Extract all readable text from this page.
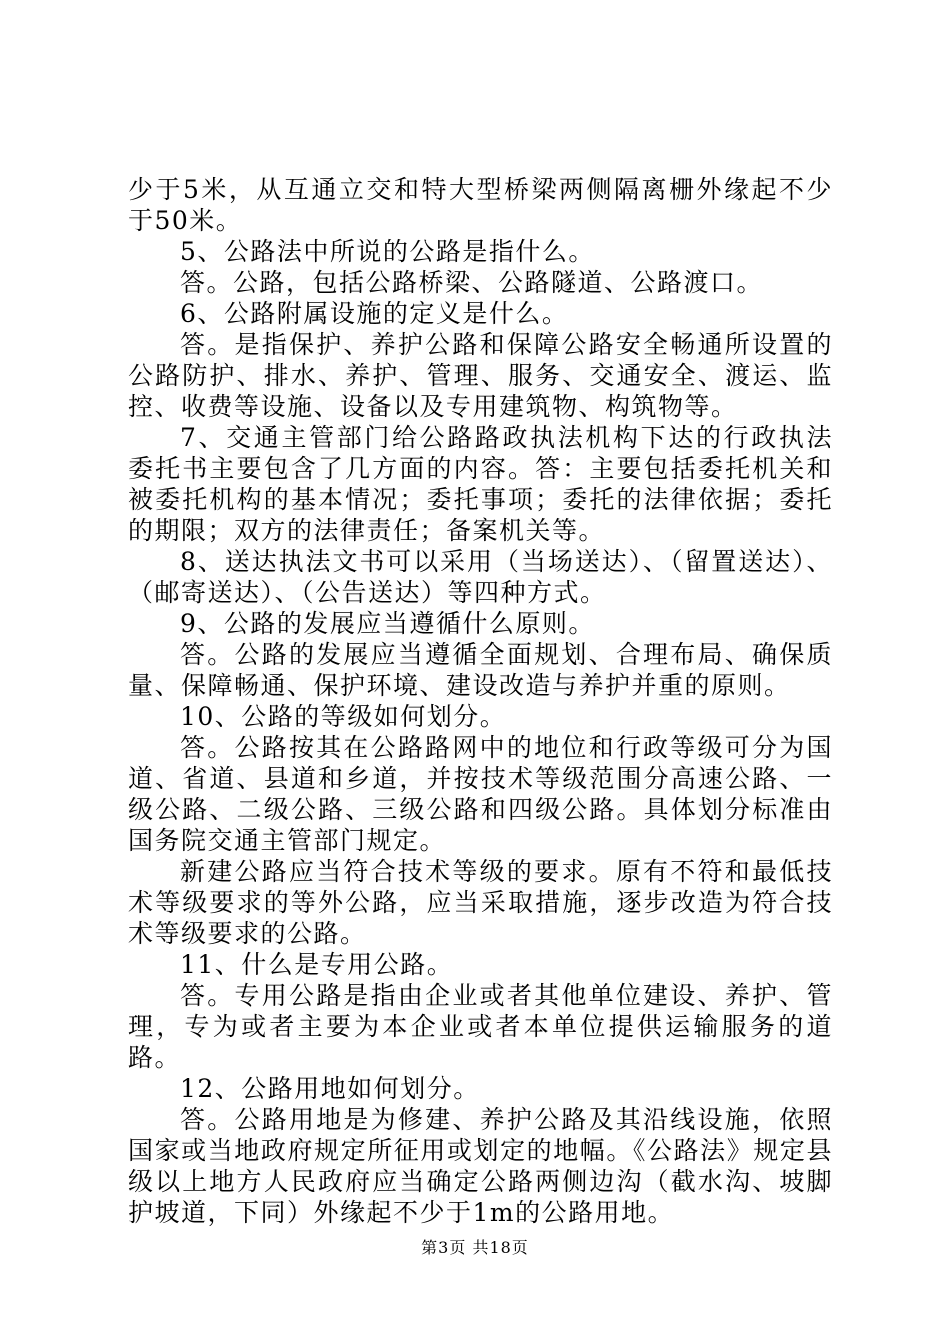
少于5米，从互通立交和特大型桥梁两侧隔离栅外缘起不少于50米。

5、公路法中所说的公路是指什么。

答。公路，包括公路桥梁、公路隧道、公路渡口。

6、公路附属设施的定义是什么。

答。是指保护、养护公路和保障公路安全畅通所设置的公路防护、排水、养护、管理、服务、交通安全、渡运、监控、收费等设施、设备以及专用建筑物、构筑物等。

7、交通主管部门给公路路政执法机构下达的行政执法委托书主要包含了几方面的内容。答：主要包括委托机关和被委托机构的基本情况；委托事项；委托的法律依据；委托的期限；双方的法律责任；备案机关等。

8、送达执法文书可以采用（当场送达）、（留置送达）、（邮寄送达）、（公告送达）等四种方式。

9、公路的发展应当遵循什么原则。

答。公路的发展应当遵循全面规划、合理布局、确保质量、保障畅通、保护环境、建设改造与养护并重的原则。

10、公路的等级如何划分。

答。公路按其在公路路网中的地位和行政等级可分为国道、省道、县道和乡道，并按技术等级范围分高速公路、一级公路、二级公路、三级公路和四级公路。具体划分标准由国务院交通主管部门规定。

新建公路应当符合技术等级的要求。原有不符和最低技术等级要求的等外公路，应当采取措施，逐步改造为符合技术等级要求的公路。

11、什么是专用公路。

答。专用公路是指由企业或者其他单位建设、养护、管理，专为或者主要为本企业或者本单位提供运输服务的道路。

12、公路用地如何划分。

答。公路用地是为修建、养护公路及其沿线设施，依照国家或当地政府规定所征用或划定的地幅。《公路法》规定县级以上地方人民政府应当确定公路两侧边沟（截水沟、坡脚护坡道，下同）外缘起不少于1m的公路用地。

第3页 共18页
